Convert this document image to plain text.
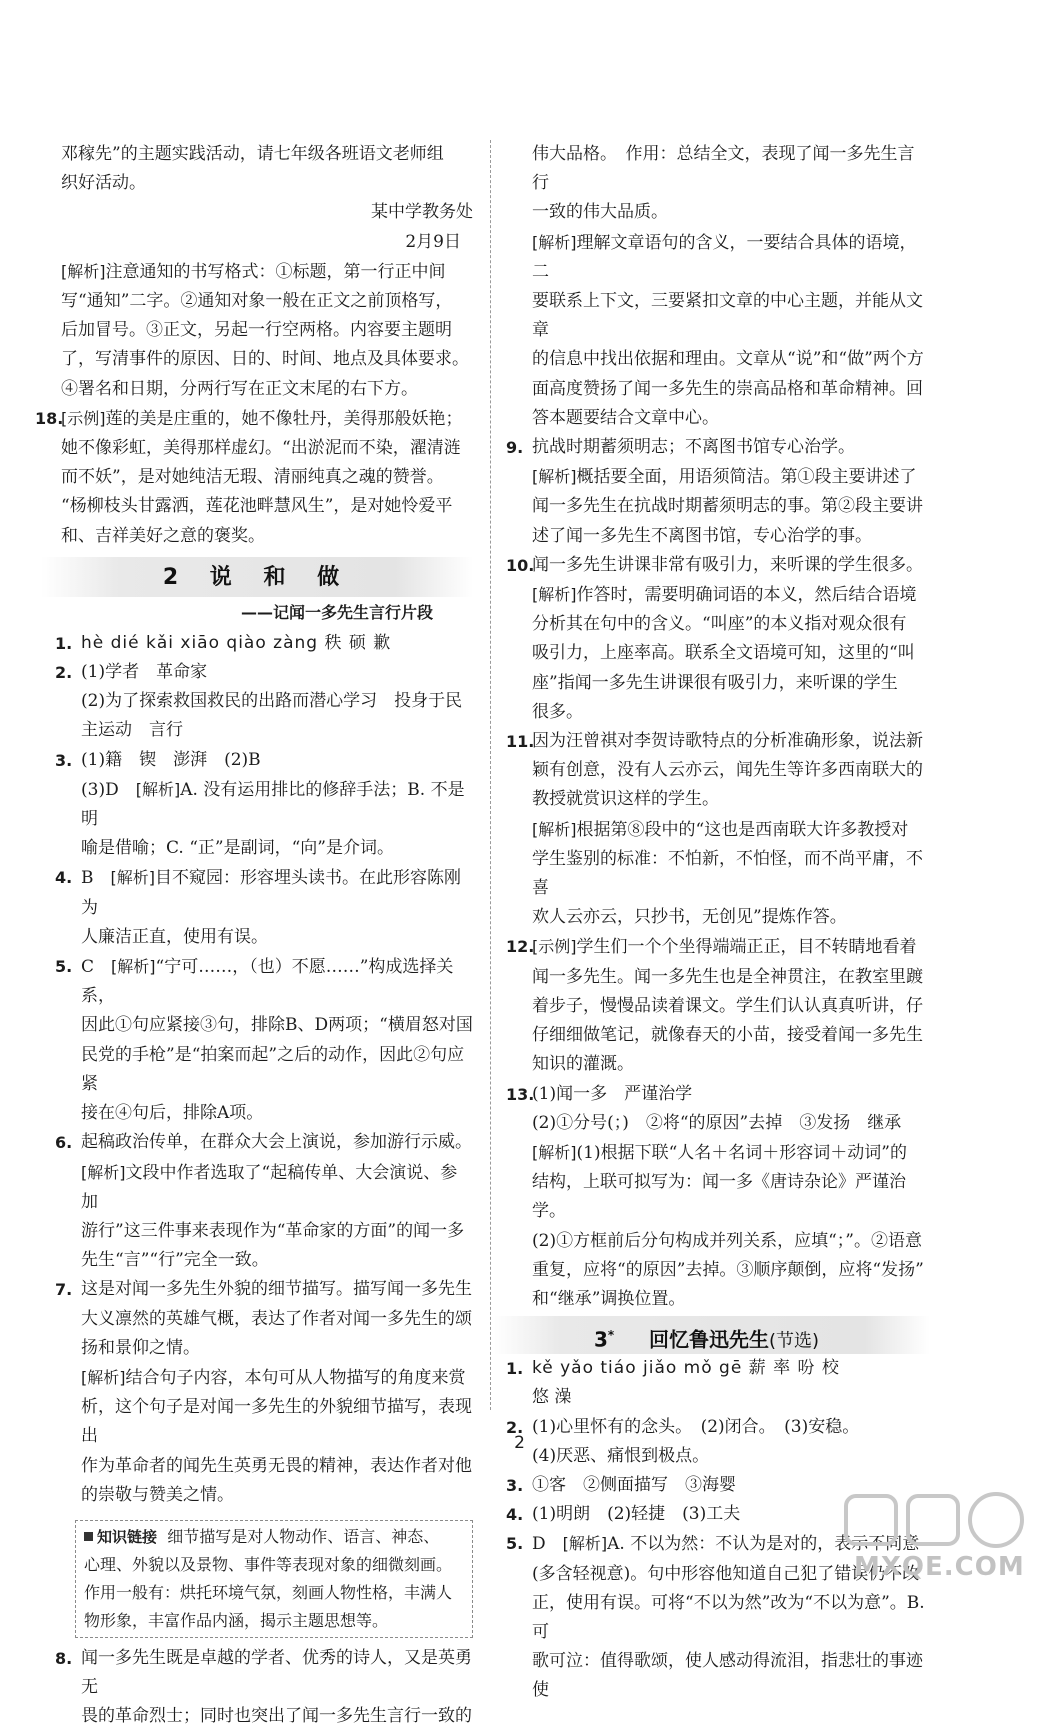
邓稼先”的主题实践活动，请七年级各班语文老师组

织好活动。

某中学教务处

2月9日

[解析]注意通知的书写格式：①标题，第一行正中间

写“通知”二字。②通知对象一般在正文之前顶格写，

后加冒号。③正文，另起一行空两格。内容要主题明

了，写清事件的原因、日的、时间、地点及具体要求。

④署名和日期，分两行写在正文末尾的右下方。

18.

[示例]莲的美是庄重的，她不像牡丹，美得那般妖艳；

她不像彩虹，美得那样虚幻。“出淤泥而不染，濯清涟

而不妖”，是对她纯洁无瑕、清丽纯真之魂的赞誉。

“杨柳枝头甘露洒，莲花池畔慧风生”，是对她怜爱平

和、吉祥美好之意的褒奖。

2 说 和 做
——记闻一多先生言行片段
1. hè dié kǎi xiāo qiào zàng 秩 硕 歉

2. (1)学者　革命家

(2)为了探索救国救民的出路而潜心学习　投身于民

主运动　言行

3. (1)籍　锲　澎湃　(2)B

(3)D　[解析]A. 没有运用排比的修辞手法；B. 不是明

喻是借喻；C. “正”是副词，“向”是介词。

4. B　[解析]目不窥园：形容埋头读书。在此形容陈刚为

人廉洁正直，使用有误。

5. C　[解析]“宁可……，（也）不愿……”构成选择关系，

因此①句应紧接③句，排除B、D两项；“横眉怒对国

民党的手枪”是“拍案而起”之后的动作，因此②句应紧

接在④句后，排除A项。

6. 起稿政治传单，在群众大会上演说，参加游行示威。

[解析]文段中作者选取了“起稿传单、大会演说、参加

游行”这三件事来表现作为“革命家的方面”的闻一多

先生“言”“行”完全一致。

7. 这是对闻一多先生外貌的细节描写。描写闻一多先生

大义凛然的英雄气概，表达了作者对闻一多先生的颂

扬和景仰之情。

[解析]结合句子内容，本句可从人物描写的角度来赏

析，这个句子是对闻一多先生的外貌细节描写，表现出

作为革命者的闻先生英勇无畏的精神，表达作者对他

的崇敬与赞美之情。

知识链接 细节描写是对人物动作、语言、神态、

心理、外貌以及景物、事件等表现对象的细微刻画。

作用一般有：烘托环境气氛，刻画人物性格，丰满人

物形象，丰富作品内涵，揭示主题思想等。

8. 闻一多先生既是卓越的学者、优秀的诗人，又是英勇无

畏的革命烈士；同时也突出了闻一多先生言行一致的

伟大品格。　作用：总结全文，表现了闻一多先生言行

一致的伟大品质。

[解析]理解文章语句的含义，一要结合具体的语境，二

要联系上下文，三要紧扣文章的中心主题，并能从文章

的信息中找出依据和理由。文章从“说”和“做”两个方

面高度赞扬了闻一多先生的崇高品格和革命精神。回

答本题要结合文章中心。

9. 抗战时期蓄须明志；不离图书馆专心治学。

[解析]概括要全面，用语须简洁。第①段主要讲述了

闻一多先生在抗战时期蓄须明志的事。第②段主要讲

述了闻一多先生不离图书馆，专心治学的事。

10.

闻一多先生讲课非常有吸引力，来听课的学生很多。

[解析]作答时，需要明确词语的本义，然后结合语境

分析其在句中的含义。“叫座”的本义指对观众很有

吸引力，上座率高。联系全文语境可知，这里的“叫

座”指闻一多先生讲课很有吸引力，来听课的学生

很多。

11.

因为汪曾祺对李贺诗歌特点的分析准确形象，说法新

颖有创意，没有人云亦云，闻先生等许多西南联大的

教授就赏识这样的学生。

[解析]根据第⑧段中的“这也是西南联大许多教授对

学生鉴别的标准：不怕新，不怕怪，而不尚平庸，不喜

欢人云亦云，只抄书，无创见”提炼作答。

12.

[示例]学生们一个个坐得端端正正，目不转睛地看着

闻一多先生。闻一多先生也是全神贯注，在教室里踱

着步子，慢慢品读着课文。学生们认认真真听讲，仔

仔细细做笔记，就像春天的小苗，接受着闻一多先生

知识的灌溉。

13.

(1)闻一多　严谨治学

(2)①分号(；)　②将“的原因”去掉　③发扬　继承

[解析](1)根据下联“人名＋名词＋形容词＋动词”的

结构，上联可拟写为：闻一多《唐诗杂论》严谨治学。

(2)①方框前后分句构成并列关系，应填“；”。②语意

重复，应将“的原因”去掉。③顺序颠倒，应将“发扬”

和“继承”调换位置。

3* 回忆鲁迅先生(节选)
1. kě yǎo tiáo jiǎo mǒ gē 薪 率 吩 校

悠 澡

2. (1)心里怀有的念头。　(2)闭合。　(3)安稳。

(4)厌恶、痛恨到极点。

3. ①客　②侧面描写　③海婴

4. (1)明朗　(2)轻捷　(3)工夫

5. D　[解析]A. 不以为然：不认为是对的，表示不同意

(多含轻视意)。句中形容他知道自己犯了错误仍不改

正，使用有误。可将“不以为然”改为“不以为意”。B. 可

歌可泣：值得歌颂，使人感动得流泪，指悲壮的事迹使

2
MXQE.COM
